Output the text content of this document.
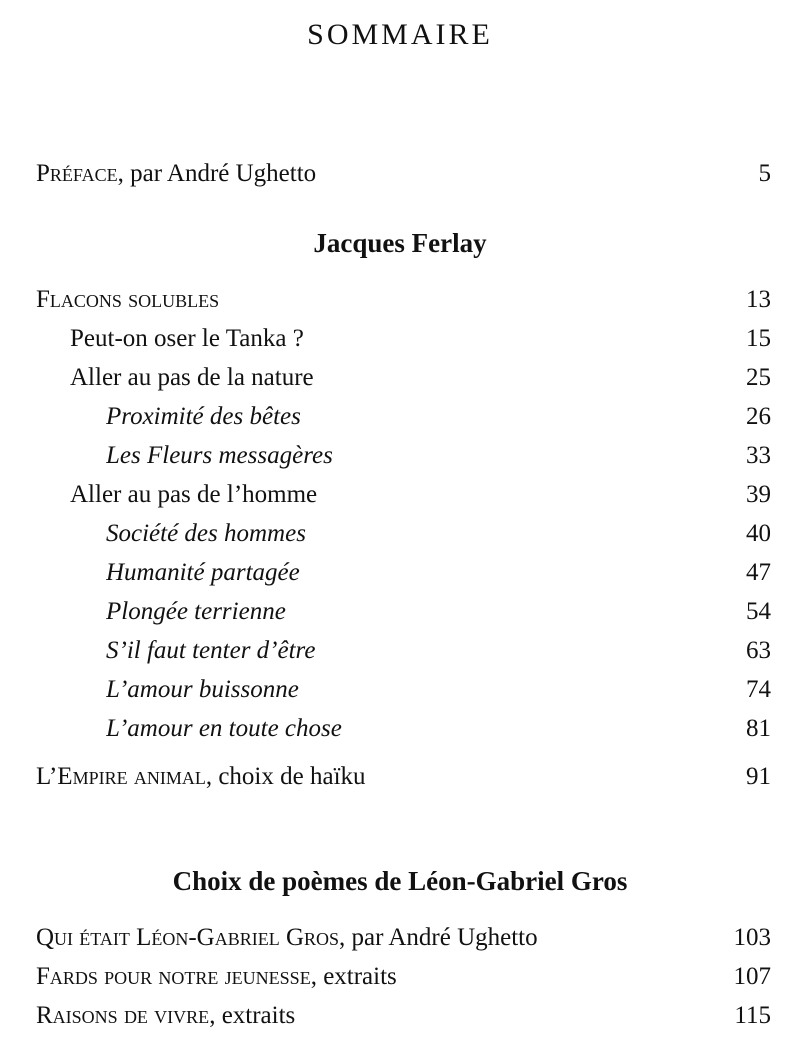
SOMMAIRE
Préface, par André Ughetto	5
Jacques Ferlay
Flacons solubles	13
Peut-on oser le Tanka ?	15
Aller au pas de la nature	25
Proximité des bêtes	26
Les Fleurs messagères	33
Aller au pas de l’homme	39
Société des hommes	40
Humanité partagée	47
Plongée terrienne	54
S’il faut tenter d’être	63
L’amour buissonne	74
L’amour en toute chose	81
L’Empire animal, choix de haïku	91
Choix de poèmes de Léon-Gabriel Gros
Qui était Léon-Gabriel Gros, par André Ughetto	103
Fards pour notre jeunesse, extraits	107
Raisons de vivre, extraits	115
